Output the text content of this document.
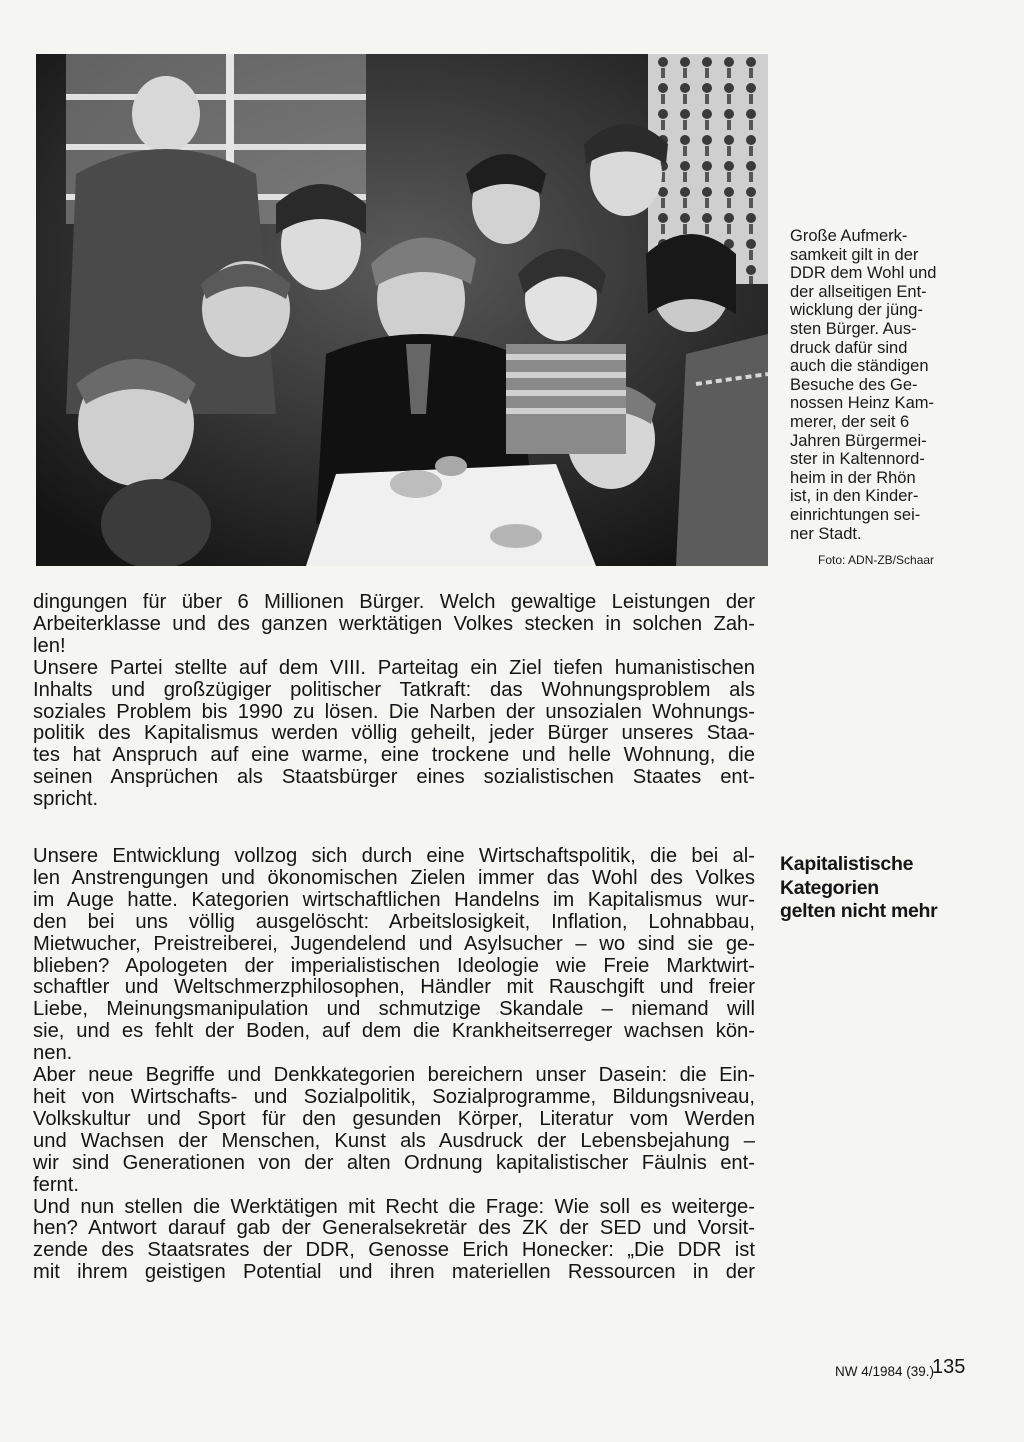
Große Aufmerk-
samkeit gilt in der
DDR dem Wohl und
der allseitigen Ent-
wicklung der jüng-
sten Bürger. Aus-
druck dafür sind
auch die ständigen
Besuche des Ge-
nossen Heinz Kam-
merer, der seit 6
Jahren Bürgermei-
ster in Kaltennord-
heim in der Rhön
ist, in den Kinder-
einrichtungen sei-
ner Stadt.
Foto: ADN-ZB/Schaar
dingungen für über 6 Millionen Bürger. Welch gewaltige Leistungen der
Arbeiterklasse und des ganzen werktätigen Volkes stecken in solchen Zah-
len!
Unsere Partei stellte auf dem VIII. Parteitag ein Ziel tiefen humanistischen
Inhalts und großzügiger politischer Tatkraft: das Wohnungsproblem als
soziales Problem bis 1990 zu lösen. Die Narben der unsozialen Wohnungs-
politik des Kapitalismus werden völlig geheilt, jeder Bürger unseres Staa-
tes hat Anspruch auf eine warme, eine trockene und helle Wohnung, die
seinen Ansprüchen als Staatsbürger eines sozialistischen Staates ent-
spricht.
Kapitalistische
Kategorien
gelten nicht mehr
Unsere Entwicklung vollzog sich durch eine Wirtschaftspolitik, die bei al-
len Anstrengungen und ökonomischen Zielen immer das Wohl des Volkes
im Auge hatte. Kategorien wirtschaftlichen Handelns im Kapitalismus wur-
den bei uns völlig ausgelöscht: Arbeitslosigkeit, Inflation, Lohnabbau,
Mietwucher, Preistreiberei, Jugendelend und Asylsucher – wo sind sie ge-
blieben? Apologeten der imperialistischen Ideologie wie Freie Marktwirt-
schaftler und Weltschmerzphilosophen, Händler mit Rauschgift und freier
Liebe, Meinungsmanipulation und schmutzige Skandale – niemand will
sie, und es fehlt der Boden, auf dem die Krankheitserreger wachsen kön-
nen.
Aber neue Begriffe und Denkkategorien bereichern unser Dasein: die Ein-
heit von Wirtschafts- und Sozialpolitik, Sozialprogramme, Bildungsniveau,
Volkskultur und Sport für den gesunden Körper, Literatur vom Werden
und Wachsen der Menschen, Kunst als Ausdruck der Lebensbejahung –
wir sind Generationen von der alten Ordnung kapitalistischer Fäulnis ent-
fernt.
Und nun stellen die Werktätigen mit Recht die Frage: Wie soll es weiterge-
hen? Antwort darauf gab der Generalsekretär des ZK der SED und Vorsit-
zende des Staatsrates der DDR, Genosse Erich Honecker: „Die DDR ist
mit ihrem geistigen Potential und ihren materiellen Ressourcen in der
NW 4/1984 (39.)
135
